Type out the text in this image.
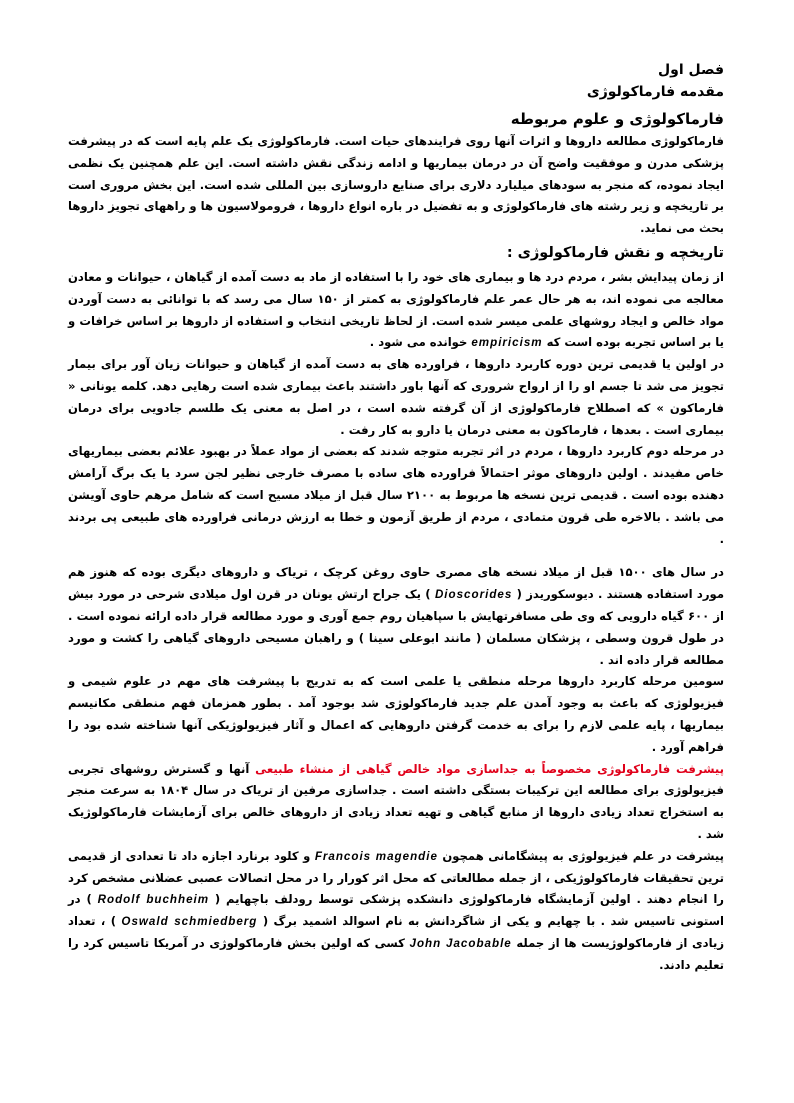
فصل اول
مقدمه فارماکولوژی
فارماکولوژی و علوم مربوطه

فارماکولوژی مطالعه داروها و اثرات آنها روی فرایندهای حیات است. فارماکولوژی یک علم پایه است که در پیشرفت پزشکی مدرن و موفقیت واضح آن در درمان بیماریها و ادامه زندگی نقش داشته است. این علم همچنین یک نظمی ایجاد نموده، که منجر به سودهای میلیارد دلاری برای صنایع داروسازی بین المللی شده است. این بخش مروری است بر تاریخچه و زیر رشته های فارماکولوژی و به تفضیل در باره انواع داروها ، فرومولاسیون ها و راههای تجویز داروها بحث می نماید.

تاریخچه و نقش فارماکولوژی :

از زمان پیدایش بشر ، مردم درد ها و بیماری های خود را با استفاده از ماد به دست آمده از گیاهان ، حیوانات و معادن معالجه می نموده اند، به هر حال عمر علم فارماکولوژی به کمتر از ۱۵۰ سال می رسد که با توانائی به دست آوردن مواد خالص و ایجاد روشهای علمی میسر شده است. از لحاظ تاریخی انتخاب و استفاده از داروها بر اساس خرافات و یا بر اساس تجربه بوده است که empiricism خوانده می شود .

در اولین یا قدیمی ترین دوره کاربرد داروها ، فراورده های به دست آمده از گیاهان و حیوانات زیان آور برای بیمار تجویز می شد تا جسم او را از ارواح شروری که آنها باور داشتند باعث بیماری شده است رهایی دهد. کلمه یونانی « فارماکون » که اصطلاح فارماکولوژی از آن گرفته شده است ، در اصل به معنی یک طلسم جادویی برای درمان بیماری است . بعدها ، فارماکون به معنی درمان یا دارو به کار رفت .

در مرحله دوم کاربرد داروها ، مردم در اثر تجربه متوجه شدند که بعضی از مواد عملاً در بهبود علائم بعضی بیماریهای خاص مفیدند . اولین داروهای موثر احتمالاً فراورده های ساده با مصرف خارجی نظیر لجن سرد یا یک برگ آرامش دهنده بوده است . قدیمی ترین نسخه ها مربوط به ۲۱۰۰ سال قبل از میلاد مسیح است که شامل مرهم حاوی آویشن می باشد . بالاخره طی قرون متمادی ، مردم از طریق آزمون و خطا به ارزش درمانی فراورده های طبیعی پی بردند .

در سال های ۱۵۰۰ قبل از میلاد نسخه های مصری حاوی روغن کرچک ، تریاک و داروهای دیگری بوده که هنوز هم مورد استفاده هستند . دیوسکوریدز ( Dioscorides ) یک جراح ارتش یونان در قرن اول میلادی شرحی در مورد بیش از ۶۰۰ گیاه دارویی که وی طی مسافرتهایش با سپاهیان روم جمع آوری و مورد مطالعه قرار داده ارائه نموده است . در طول قرون وسطی ، پزشکان مسلمان ( مانند ابوعلی سینا ) و راهبان مسیحی داروهای گیاهی را کشت و مورد مطالعه قرار داده اند .

سومین مرحله کاربرد داروها مرحله منطقی یا علمی است که به تدریج با پیشرفت های مهم در علوم شیمی و فیزیولوژی که باعث به وجود آمدن علم جدید فارماکولوژی شد بوجود آمد . بطور همزمان فهم منطقی مکانیسم بیماریها ، پایه علمی لازم را برای به خدمت گرفتن داروهایی که اعمال و آثار فیزیولوژیکی آنها شناخته شده بود را فراهم آورد .

پیشرفت فارماکولوژی مخصوصاً به جداسازی مواد خالص گیاهی از منشاء طبیعی آنها و گسترش روشهای تجربی فیزیولوژی برای مطالعه این ترکیبات بستگی داشته است . جداسازی مرفین از تریاک در سال ۱۸۰۴ به سرعت منجر به استخراج تعداد زیادی داروها از منابع گیاهی و تهیه تعداد زیادی از داروهای خالص برای آزمایشات فارماکولوژیک شد .

پیشرفت در علم فیزیولوژی به پیشگامانی همچون Francois magendie و کلود برنارد اجازه داد تا تعدادی از قدیمی ترین تحقیقات فارماکولوژیکی ، از جمله مطالعاتی که محل اثر کورار را در محل اتصالات عصبی عضلانی مشخص کرد را انجام دهند . اولین آزمایشگاه فارماکولوژی دانشکده پزشکی توسط رودلف باچهایم ( Rodolf buchheim ) در استونی تاسیس شد . با چهایم و یکی از شاگردانش به نام اسوالد اشمید برگ ( Oswald schmiedberg ) ، تعداد زیادی از فارماکولوژیست ها از جمله John Jacobable کسی که اولین بخش فارماکولوژی در آمریکا تاسیس کرد را تعلیم دادند.
